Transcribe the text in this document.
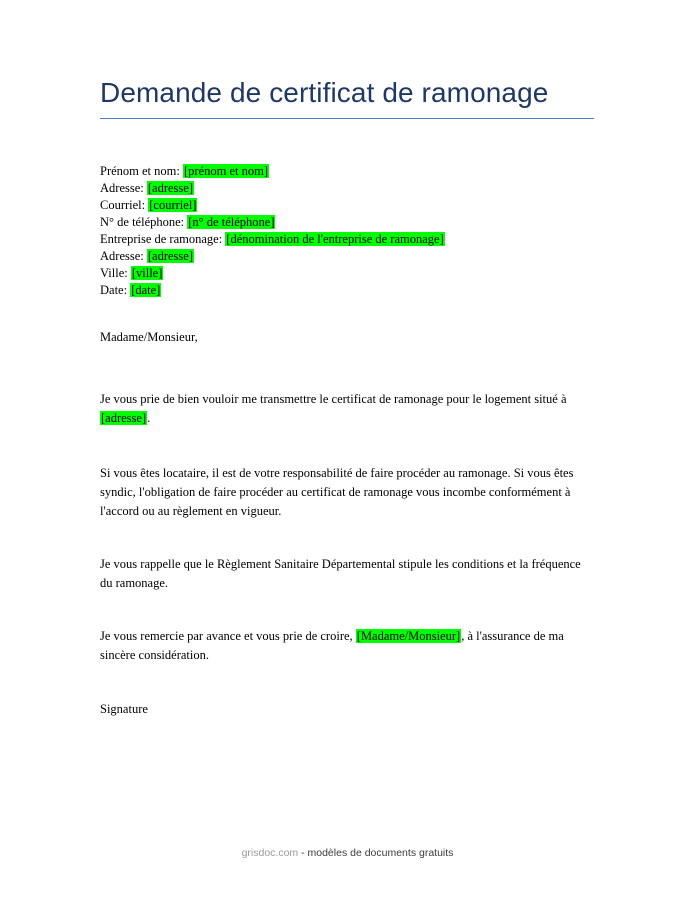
Demande de certificat de ramonage
Prénom et nom: [prénom et nom]
Adresse: [adresse]
Courriel: [courriel]
N° de téléphone: [n° de téléphone]
Entreprise de ramonage: [dénomination de l'entreprise de ramonage]
Adresse: [adresse]
Ville: [ville]
Date: [date]

Madame/Monsieur,

Je vous prie de bien vouloir me transmettre le certificat de ramonage pour le logement situé à [adresse].

Si vous êtes locataire, il est de votre responsabilité de faire procéder au ramonage. Si vous êtes syndic, l'obligation de faire procéder au certificat de ramonage vous incombe conformément à l'accord ou au règlement en vigueur.

Je vous rappelle que le Règlement Sanitaire Départemental stipule les conditions et la fréquence du ramonage.

Je vous remercie par avance et vous prie de croire, [Madame/Monsieur], à l'assurance de ma sincère considération.

Signature

grisdoc.com - modèles de documents gratuits
